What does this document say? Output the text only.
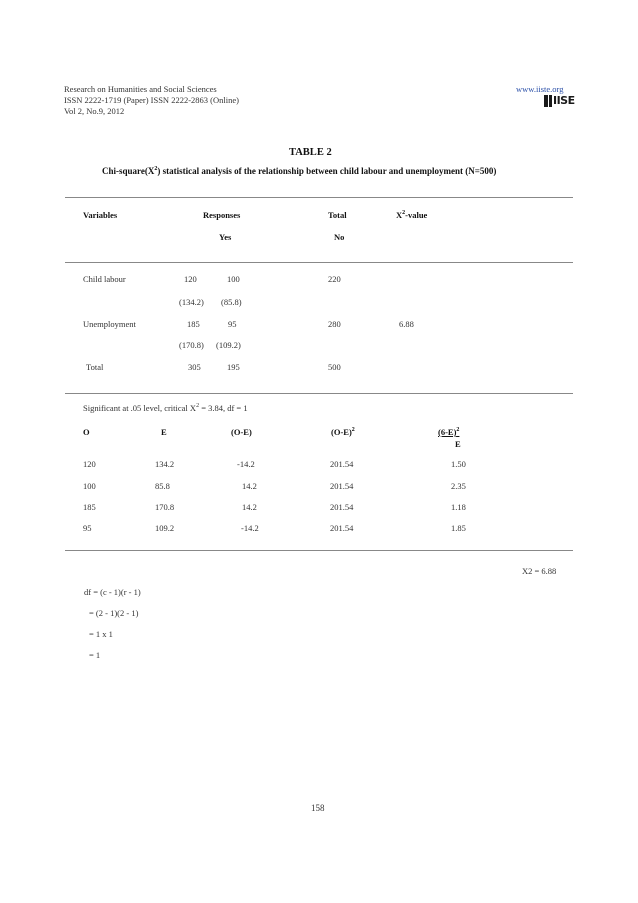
Research on Humanities and Social Sciences
ISSN 2222-1719 (Paper) ISSN 2222-2863 (Online)
Vol 2, No.9, 2012
www.iiste.org
IISE
TABLE 2
Chi-$square(X^2)$ statistical analysis of the relationship between child labour and unemployment (N=500)
Variables	Responses	Total	$X^2$-value
Yes	No
Child labour	120	100	220
(134.2) (85.8)
Unemployment	185	95	280	6.88
(170.8) (109.2)
Total	305	195	500
Significant at .05 level, critical $X^2 = 3.84$, df = 1
O	E	(O-E)	$(O-E)^2$	$(6-E)^2$
E
120	134.2	-14.2	201.54	1.50
100	85.8	14.2	201.54	2.35
185	170.8	14.2	201.54	1.18
95	109.2	-14.2	201.54	1.85
X2 = 6.88
df = (c - 1)(r - 1)
= (2 - 1)(2 - 1)
= 1 x 1
= 1
158
